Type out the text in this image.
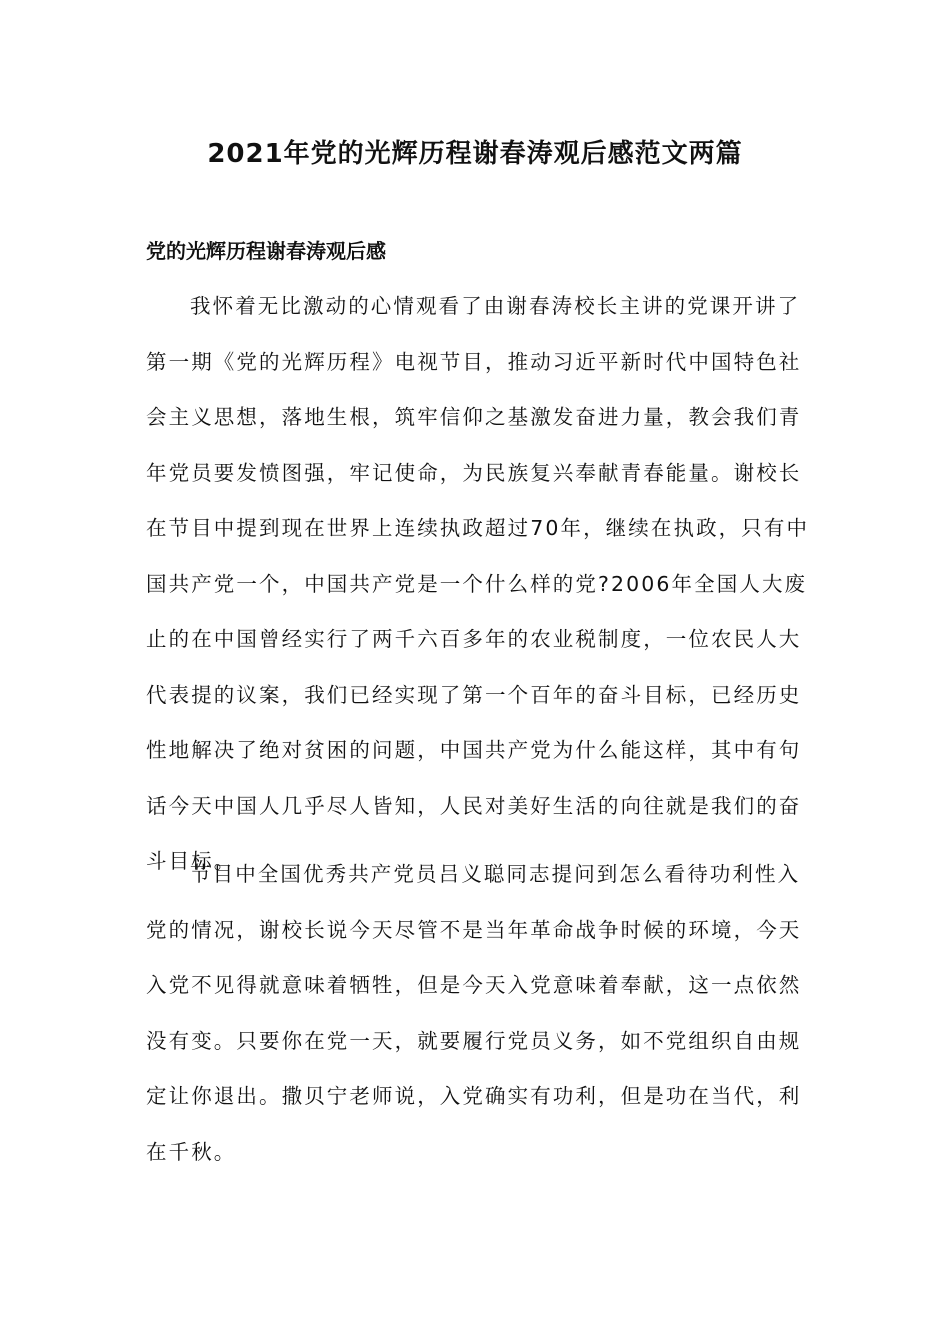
2021年党的光辉历程谢春涛观后感范文两篇
党的光辉历程谢春涛观后感
我怀着无比激动的心情观看了由谢春涛校长主讲的党课开讲了
第一期《党的光辉历程》电视节目，推动习近平新时代中国特色社
会主义思想，落地生根，筑牢信仰之基激发奋进力量，教会我们青
年党员要发愤图强，牢记使命，为民族复兴奉献青春能量。谢校长
在节目中提到现在世界上连续执政超过70年，继续在执政，只有中
国共产党一个，中国共产党是一个什么样的党?2006年全国人大废
止的在中国曾经实行了两千六百多年的农业税制度，一位农民人大
代表提的议案，我们已经实现了第一个百年的奋斗目标，已经历史
性地解决了绝对贫困的问题，中国共产党为什么能这样，其中有句
话今天中国人几乎尽人皆知，人民对美好生活的向往就是我们的奋
斗目标。
节目中全国优秀共产党员吕义聪同志提问到怎么看待功利性入
党的情况，谢校长说今天尽管不是当年革命战争时候的环境，今天
入党不见得就意味着牺牲，但是今天入党意味着奉献，这一点依然
没有变。只要你在党一天，就要履行党员义务，如不党组织自由规
定让你退出。撒贝宁老师说，入党确实有功利，但是功在当代，利
在千秋。
